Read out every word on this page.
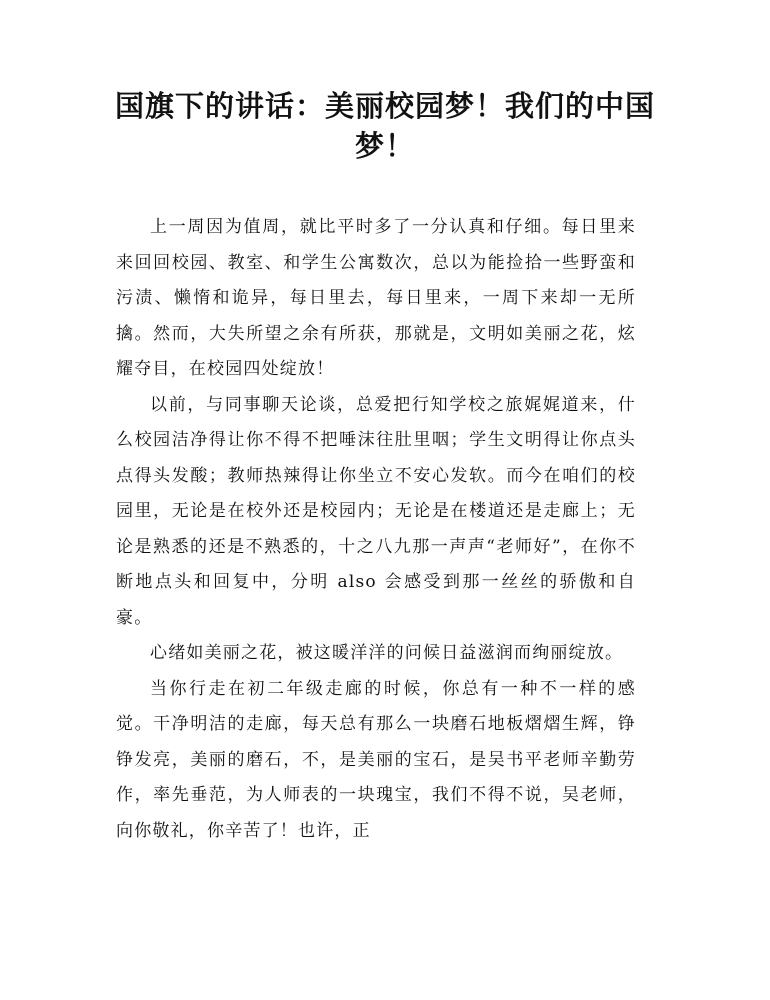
国旗下的讲话：美丽校园梦！我们的中国梦！

上一周因为值周，就比平时多了一分认真和仔细。每日里来来回回校园、教室、和学生公寓数次，总以为能捡拾一些野蛮和污渍、懒惰和诡异，每日里去，每日里来，一周下来却一无所擒。然而，大失所望之余有所获，那就是，文明如美丽之花，炫耀夺目，在校园四处绽放！

以前，与同事聊天论谈，总爱把行知学校之旅娓娓道来，什么校园洁净得让你不得不把唾沫往肚里咽；学生文明得让你点头点得头发酸；教师热辣得让你坐立不安心发软。而今在咱们的校园里，无论是在校外还是校园内；无论是在楼道还是走廊上；无论是熟悉的还是不熟悉的，十之八九那一声声“老师好”，在你不断地点头和回复中，分明 also 会感受到那一丝丝的骄傲和自豪。

心绪如美丽之花，被这暖洋洋的问候日益滋润而绚丽绽放。

当你行走在初二年级走廊的时候，你总有一种不一样的感觉。干净明洁的走廊，每天总有那么一块磨石地板熠熠生辉，铮铮发亮，美丽的磨石，不，是美丽的宝石，是吴书平老师辛勤劳作，率先垂范，为人师表的一块瑰宝，我们不得不说，吴老师，向你敬礼，你辛苦了！也许，正
